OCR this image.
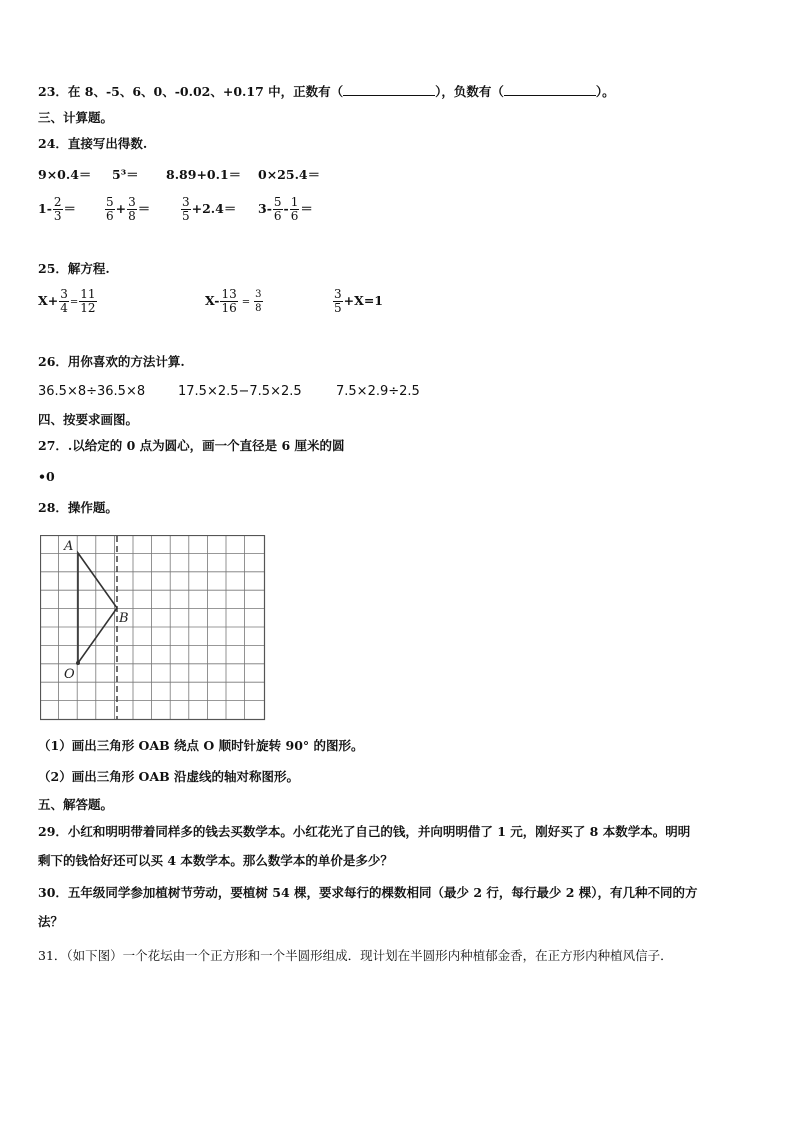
23．在 8、-5、6、0、-0.02、+0.17 中，正数有（	），负数有（	）。
三、计算题。
24．直接写出得数.
9×0.4＝ 5³＝ 8.89+0.1＝ 0×25.4＝
$1- \frac{2}{3} = \frac{5}{6} + \frac{3}{8}$ ＝	$\frac{3}{5} +2.4= 3- \frac{5}{6} - \frac{1}{6}$ ＝
25．解方程.
$X+ \frac{3}{4} = \frac{11}{12}$	$X- \frac{13}{16} = \frac{3}{8}$	$\frac{3}{5} +X=1$
26．用你喜欢的方法计算.
36.5×8÷36.5×8	17.5×2.5−7.5×2.5	7.5×2.9÷2.5
四、按要求画图。
27．.以给定的 0 点为圆心，画一个直径是 6 厘米的圆
•0
28．操作题。
A
B
O
（1）画出三角形 OAB 绕点 O 顺时针旋转 90° 的图形。
（2）画出三角形 OAB 沿虚线的轴对称图形。
五、解答题。
29．小红和明明带着同样多的钱去买数学本。小红花光了自己的钱，并向明明借了 1 元，刚好买了 8 本数学本。明明
剩下的钱恰好还可以买 4 本数学本。那么数学本的单价是多少？
30．五年级同学参加植树节劳动，要植树 54 棵，要求每行的棵数相同（最少 2 行，每行最少 2 棵），有几种不同的方
法？
31．（如下图）一个花坛由一个正方形和一个半圆形组成．现计划在半圆形内种植郁金香，在正方形内种植风信子．
